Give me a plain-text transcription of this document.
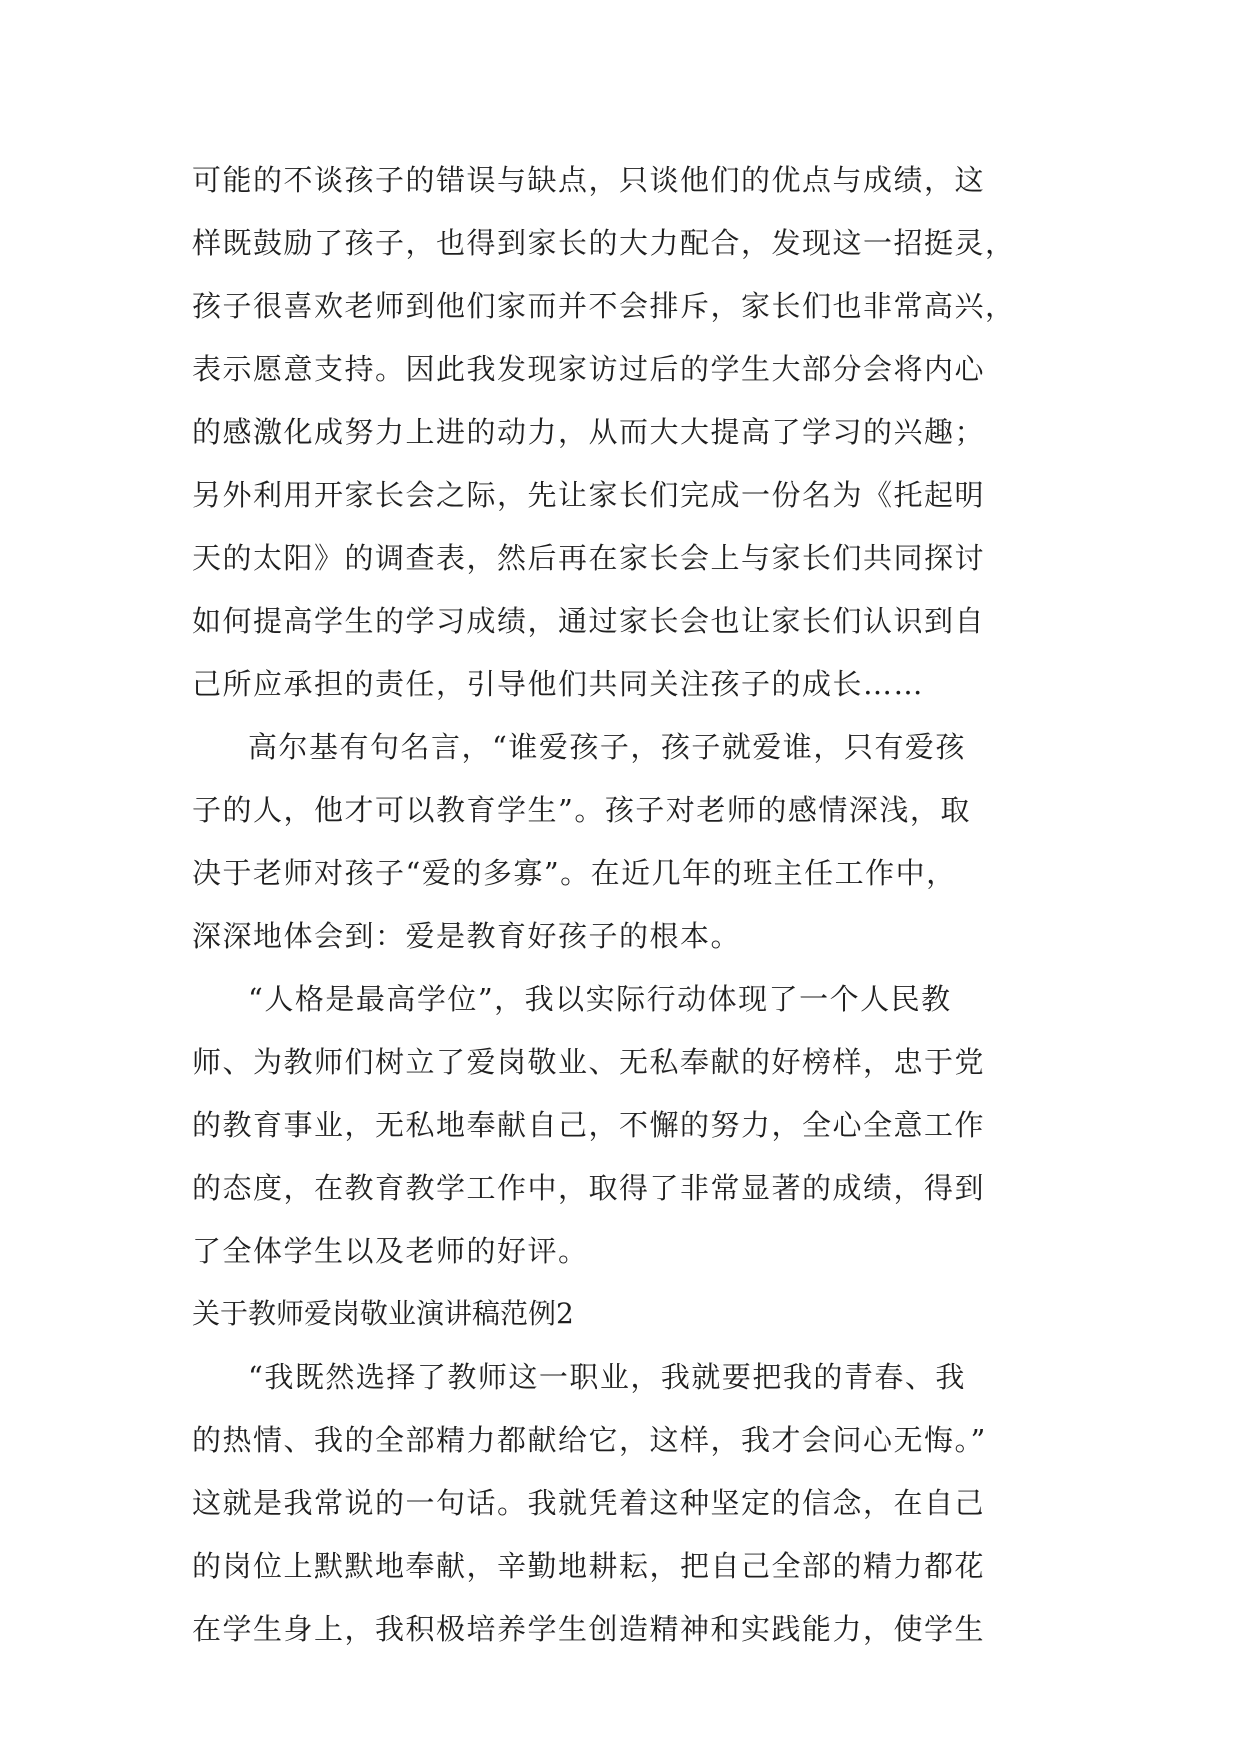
可能的不谈孩子的错误与缺点，只谈他们的优点与成绩，这
样既鼓励了孩子，也得到家长的大力配合，发现这一招挺灵，
孩子很喜欢老师到他们家而并不会排斥，家长们也非常高兴，
表示愿意支持。因此我发现家访过后的学生大部分会将内心
的感激化成努力上进的动力，从而大大提高了学习的兴趣；
另外利用开家长会之际，先让家长们完成一份名为《托起明
天的太阳》的调查表，然后再在家长会上与家长们共同探讨
如何提高学生的学习成绩，通过家长会也让家长们认识到自
己所应承担的责任，引导他们共同关注孩子的成长……
高尔基有句名言，“谁爱孩子，孩子就爱谁，只有爱孩
子的人，他才可以教育学生”。孩子对老师的感情深浅，取
决于老师对孩子“爱的多寡”。在近几年的班主任工作中，
深深地体会到：爱是教育好孩子的根本。
“人格是最高学位”，我以实际行动体现了一个人民教
师、为教师们树立了爱岗敬业、无私奉献的好榜样，忠于党
的教育事业，无私地奉献自己，不懈的努力，全心全意工作
的态度，在教育教学工作中，取得了非常显著的成绩，得到
了全体学生以及老师的好评。
关于教师爱岗敬业演讲稿范例2
“我既然选择了教师这一职业，我就要把我的青春、我
的热情、我的全部精力都献给它，这样，我才会问心无悔。”
这就是我常说的一句话。我就凭着这种坚定的信念，在自己
的岗位上默默地奉献，辛勤地耕耘，把自己全部的精力都花
在学生身上，我积极培养学生创造精神和实践能力，使学生
